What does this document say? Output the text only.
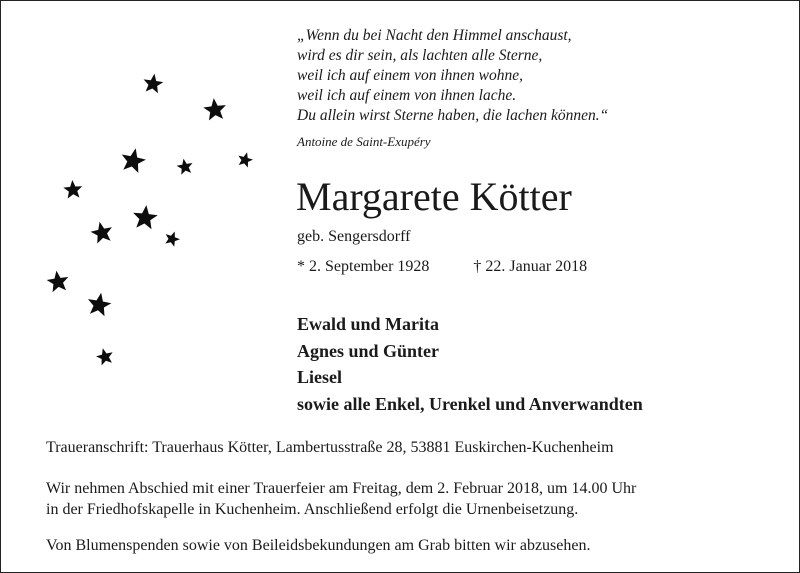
„Wenn du bei Nacht den Himmel anschaust,
wird es dir sein, als lachten alle Sterne,
weil ich auf einem von ihnen wohne,
weil ich auf einem von ihnen lache.
Du allein wirst Sterne haben, die lachen können.“
Antoine de Saint-Exupéry
Margarete Kötter
geb. Sengersdorff
* 2. September 1928	† 22. Januar 2018
Ewald und Marita
Agnes und Günter
Liesel
sowie alle Enkel, Urenkel und Anverwandten
Traueranschrift: Trauerhaus Kötter, Lambertusstraße 28, 53881 Euskirchen-Kuchenheim
Wir nehmen Abschied mit einer Trauerfeier am Freitag, dem 2. Februar 2018, um 14.00 Uhr
in der Friedhofskapelle in Kuchenheim. Anschließend erfolgt die Urnenbeisetzung.
Von Blumenspenden sowie von Beileidsbekundungen am Grab bitten wir abzusehen.
